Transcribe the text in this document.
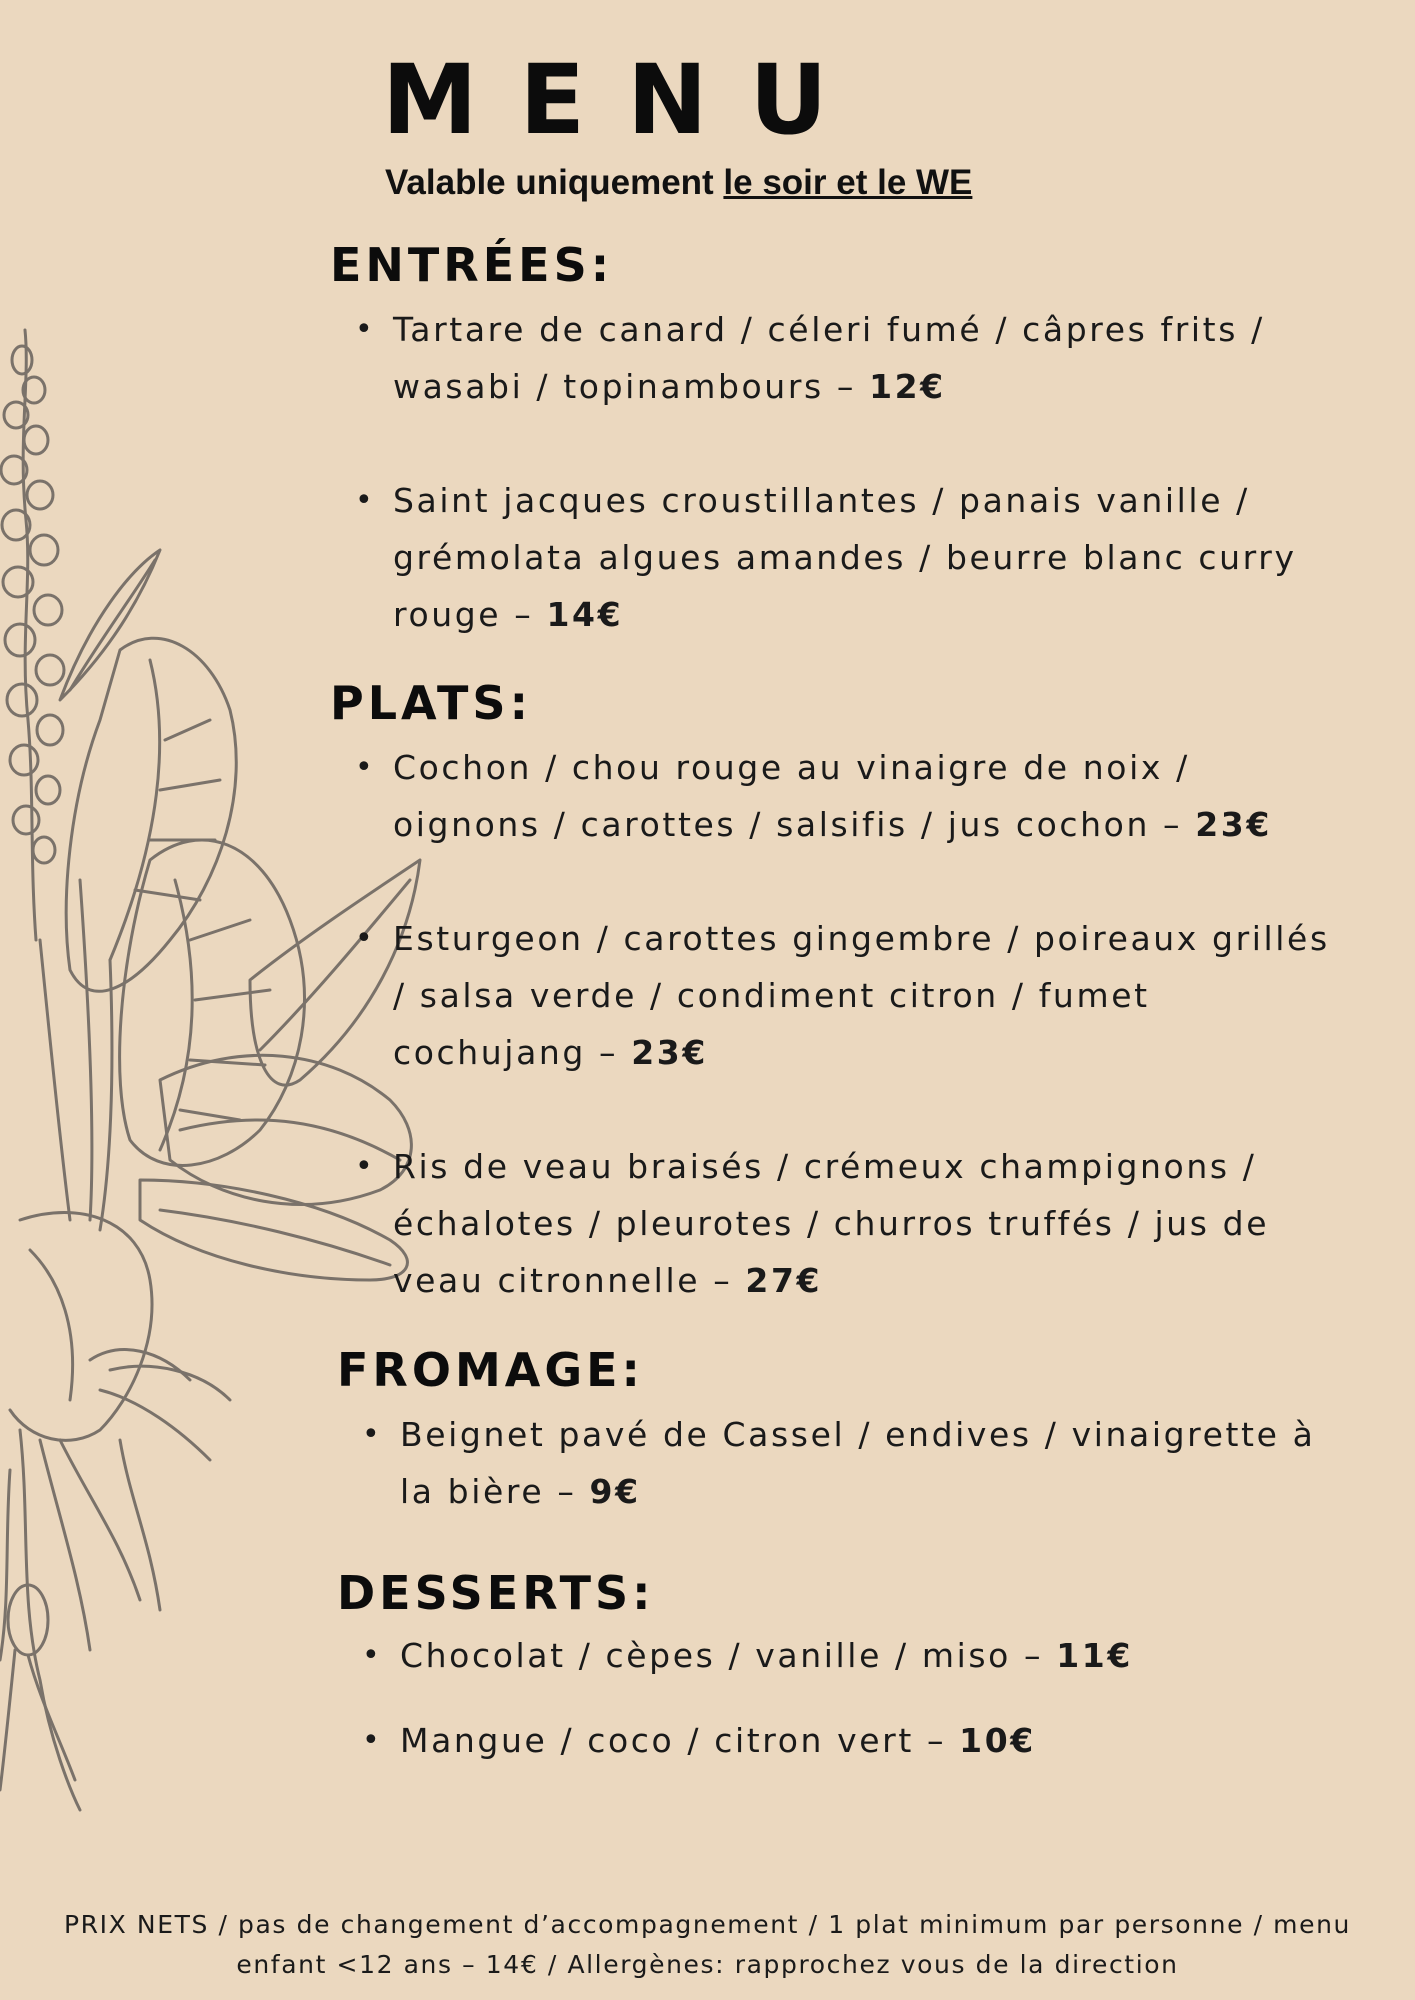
MENU
Valable uniquement le soir et le WE
ENTRÉES:
• Tartare de canard / céleri fumé / câpres frits / wasabi / topinambours – 12€
• Saint jacques croustillantes / panais vanille / grémolata algues amandes / beurre blanc curry rouge – 14€
PLATS:
• Cochon / chou rouge au vinaigre de noix / oignons / carottes / salsifis / jus cochon – 23€
• Esturgeon / carottes gingembre / poireaux grillés / salsa verde / condiment citron / fumet cochujang – 23€
• Ris de veau braisés / crémeux champignons / échalotes / pleurotes / churros truffés / jus de veau citronnelle – 27€
FROMAGE:
• Beignet pavé de Cassel / endives / vinaigrette à la bière – 9€
DESSERTS:
• Chocolat / cèpes / vanille / miso – 11€
• Mangue / coco / citron vert – 10€
PRIX NETS / pas de changement d’accompagnement / 1 plat minimum par personne / menu
enfant <12 ans – 14€ / Allergènes: rapprochez vous de la direction
